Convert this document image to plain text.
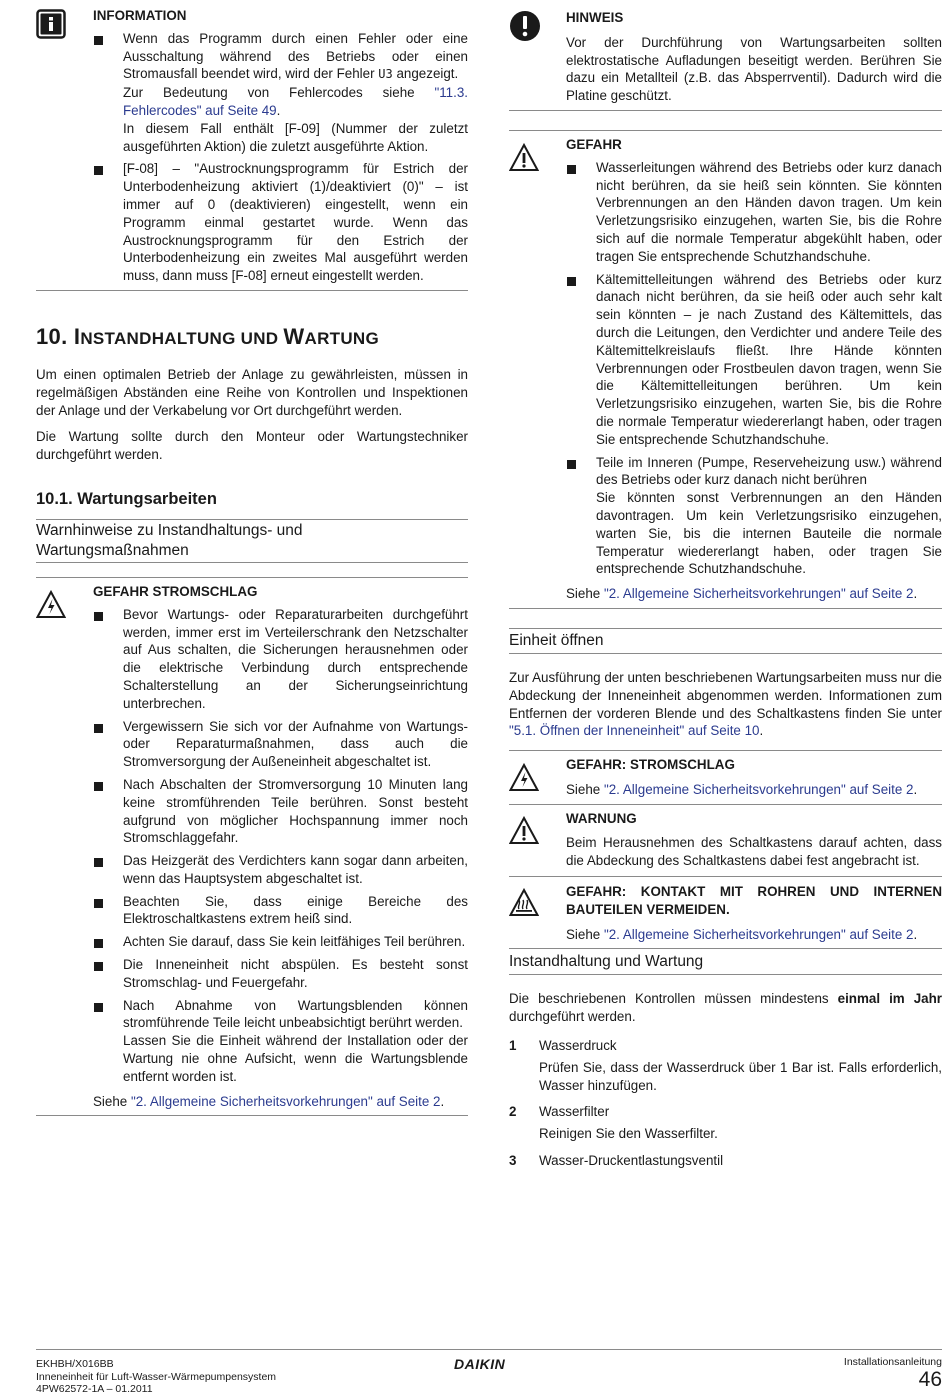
INFORMATION

Wenn das Programm durch einen Fehler oder eine Ausschaltung während des Betriebs oder einen Stromausfall beendet wird, wird der Fehler U3 angezeigt.

Zur Bedeutung von Fehlercodes siehe "11.3. Fehlercodes" auf Seite 49.

In diesem Fall enthält [F-09] (Nummer der zuletzt ausgeführten Aktion) die zuletzt ausgeführte Aktion.

[F-08] – "Austrocknungsprogramm für Estrich der Unterbodenheizung aktiviert (1)/deaktiviert (0)" – ist immer auf 0 (deaktivieren) eingestellt, wenn ein Programm einmal gestartet wurde. Wenn das Austrocknungsprogramm für den Estrich der Unterbodenheizung ein zweites Mal ausgeführt werden muss, dann muss [F-08] erneut eingestellt werden.

10. INSTANDHALTUNG UND WARTUNG

Um einen optimalen Betrieb der Anlage zu gewährleisten, müssen in regelmäßigen Abständen eine Reihe von Kontrollen und Inspektionen der Anlage und der Verkabelung vor Ort durchgeführt werden.

Die Wartung sollte durch den Monteur oder Wartungstechniker durchgeführt werden.

10.1. Wartungsarbeiten
Warnhinweise zu Instandhaltungs- und Wartungsmaßnahmen

GEFAHR STROMSCHLAG

Bevor Wartungs- oder Reparaturarbeiten durchgeführt werden, immer erst im Verteilerschrank den Netzschalter auf Aus schalten, die Sicherungen herausnehmen oder die elektrische Verbindung durch entsprechende Schalterstellung an der Sicherungseinrichtung unterbrechen.
Vergewissern Sie sich vor der Aufnahme von Wartungs- oder Reparaturmaßnahmen, dass auch die Stromversorgung der Außeneinheit abgeschaltet ist.
Nach Abschalten der Stromversorgung 10 Minuten lang keine stromführenden Teile berühren. Sonst besteht aufgrund von möglicher Hochspannung immer noch Stromschlaggefahr.
Das Heizgerät des Verdichters kann sogar dann arbeiten, wenn das Hauptsystem abgeschaltet ist.
Beachten Sie, dass einige Bereiche des Elektroschaltkastens extrem heiß sind.
Achten Sie darauf, dass Sie kein leitfähiges Teil berühren.
Die Inneneinheit nicht abspülen. Es besteht sonst Stromschlag- und Feuergefahr.

Nach Abnahme von Wartungsblenden können stromführende Teile leicht unbeabsichtigt berührt werden.

Lassen Sie die Einheit während der Installation oder der Wartung nie ohne Aufsicht, wenn die Wartungsblende entfernt worden ist.

Siehe "2. Allgemeine Sicherheitsvorkehrungen" auf Seite 2.

HINWEIS

Vor der Durchführung von Wartungsarbeiten sollten elektrostatische Aufladungen beseitigt werden. Berühren Sie dazu ein Metallteil (z.B. das Absperrventil). Dadurch wird die Platine geschützt.

GEFAHR

Wasserleitungen während des Betriebs oder kurz danach nicht berühren, da sie heiß sein könnten. Sie könnten Verbrennungen an den Händen davon tragen. Um kein Verletzungsrisiko einzugehen, warten Sie, bis die Rohre sich auf die normale Temperatur abgekühlt haben, oder tragen Sie entsprechende Schutzhandschuhe.
Kältemittelleitungen während des Betriebs oder kurz danach nicht berühren, da sie heiß oder auch sehr kalt sein könnten – je nach Zustand des Kältemittels, das durch die Leitungen, den Verdichter und andere Teile des Kältemittelkreislaufs fließt. Ihre Hände könnten Verbrennungen oder Frostbeulen davon tragen, wenn Sie die Kältemittelleitungen berühren. Um kein Verletzungsrisiko einzugehen, warten Sie, bis die Rohre die normale Temperatur wiedererlangt haben, oder tragen Sie entsprechende Schutzhandschuhe.

Teile im Inneren (Pumpe, Reserveheizung usw.) während des Betriebs oder kurz danach nicht berühren

Sie könnten sonst Verbrennungen an den Händen davontragen. Um kein Verletzungsrisiko einzugehen, warten Sie, bis die internen Bauteile die normale Temperatur wiedererlangt haben, oder tragen Sie entsprechende Schutzhandschuhe.

Siehe "2. Allgemeine Sicherheitsvorkehrungen" auf Seite 2.

Einheit öffnen

Zur Ausführung der unten beschriebenen Wartungsarbeiten muss nur die Abdeckung der Inneneinheit abgenommen werden. Informationen zum Entfernen der vorderen Blende und des Schaltkastens finden Sie unter "5.1. Öffnen der Inneneinheit" auf Seite 10.

GEFAHR: STROMSCHLAG

Siehe "2. Allgemeine Sicherheitsvorkehrungen" auf Seite 2.

WARNUNG

Beim Herausnehmen des Schaltkastens darauf achten, dass die Abdeckung des Schaltkastens dabei fest angebracht ist.

GEFAHR: KONTAKT MIT ROHREN UND INTERNEN BAUTEILEN VERMEIDEN.

Siehe "2. Allgemeine Sicherheitsvorkehrungen" auf Seite 2.

Instandhaltung und Wartung

Die beschriebenen Kontrollen müssen mindestens einmal im Jahr durchgeführt werden.

1 Wasserdruck

Prüfen Sie, dass der Wasserdruck über 1 Bar ist. Falls erforderlich, Wasser hinzufügen.

2 Wasserfilter

Reinigen Sie den Wasserfilter.

3 Wasser-Druckentlastungsventil
EKHBH/X016BB
Inneneinheit für Luft-Wasser-Wärmepumpensystem
4PW62572-1A – 01.2011
DAIKIN	Installationsanleitung
46
